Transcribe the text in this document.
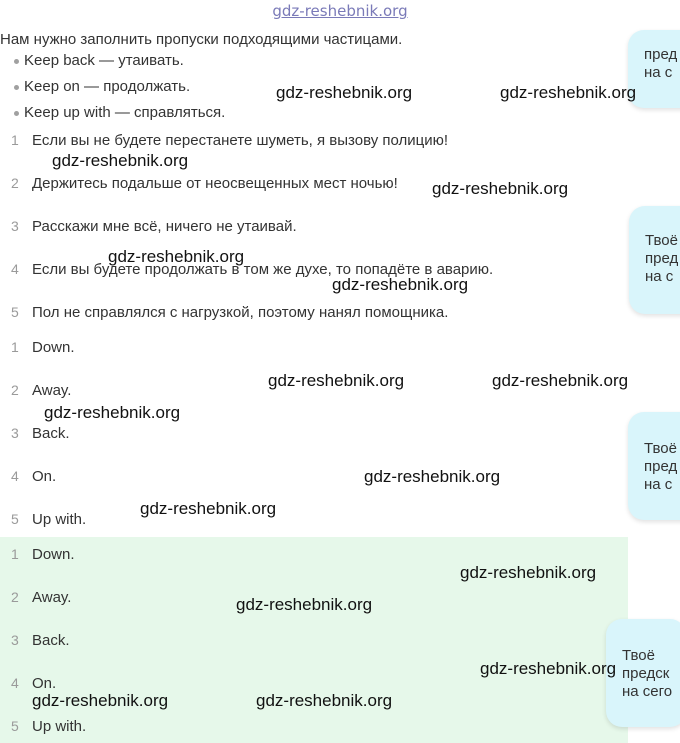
gdz-reshebnik.org
Нам нужно заполнить пропуски подходящими частицами.
Keep back — утаивать.
Keep on — продолжать.
Keep up with — справляться.
1 Если вы не будете перестанете шуметь, я вызову полицию!
2 Держитесь подальше от неосвещенных мест ночью!
3 Расскажи мне всё, ничего не утаивай.
4 Если вы будете продолжать в том же духе, то попадёте в аварию.
5 Пол не справлялся с нагрузкой, поэтому нанял помощника.
1 Down.
2 Away.
3 Back.
4 On.
5 Up with.
1 Down.
2 Away.
3 Back.
4 On.
5 Up with.
пред
на с
Твоё
пред
на с
Твоё
пред
на с
Твоё
предск
на сего
gdz-reshebnik.org	gdz-reshebnik.org
gdz-reshebnik.org
gdz-reshebnik.org
gdz-reshebnik.org
gdz-reshebnik.org
gdz-reshebnik.org	gdz-reshebnik.org
gdz-reshebnik.org
gdz-reshebnik.org
gdz-reshebnik.org
gdz-reshebnik.org
gdz-reshebnik.org
gdz-reshebnik.org
gdz-reshebnik.org	gdz-reshebnik.org
